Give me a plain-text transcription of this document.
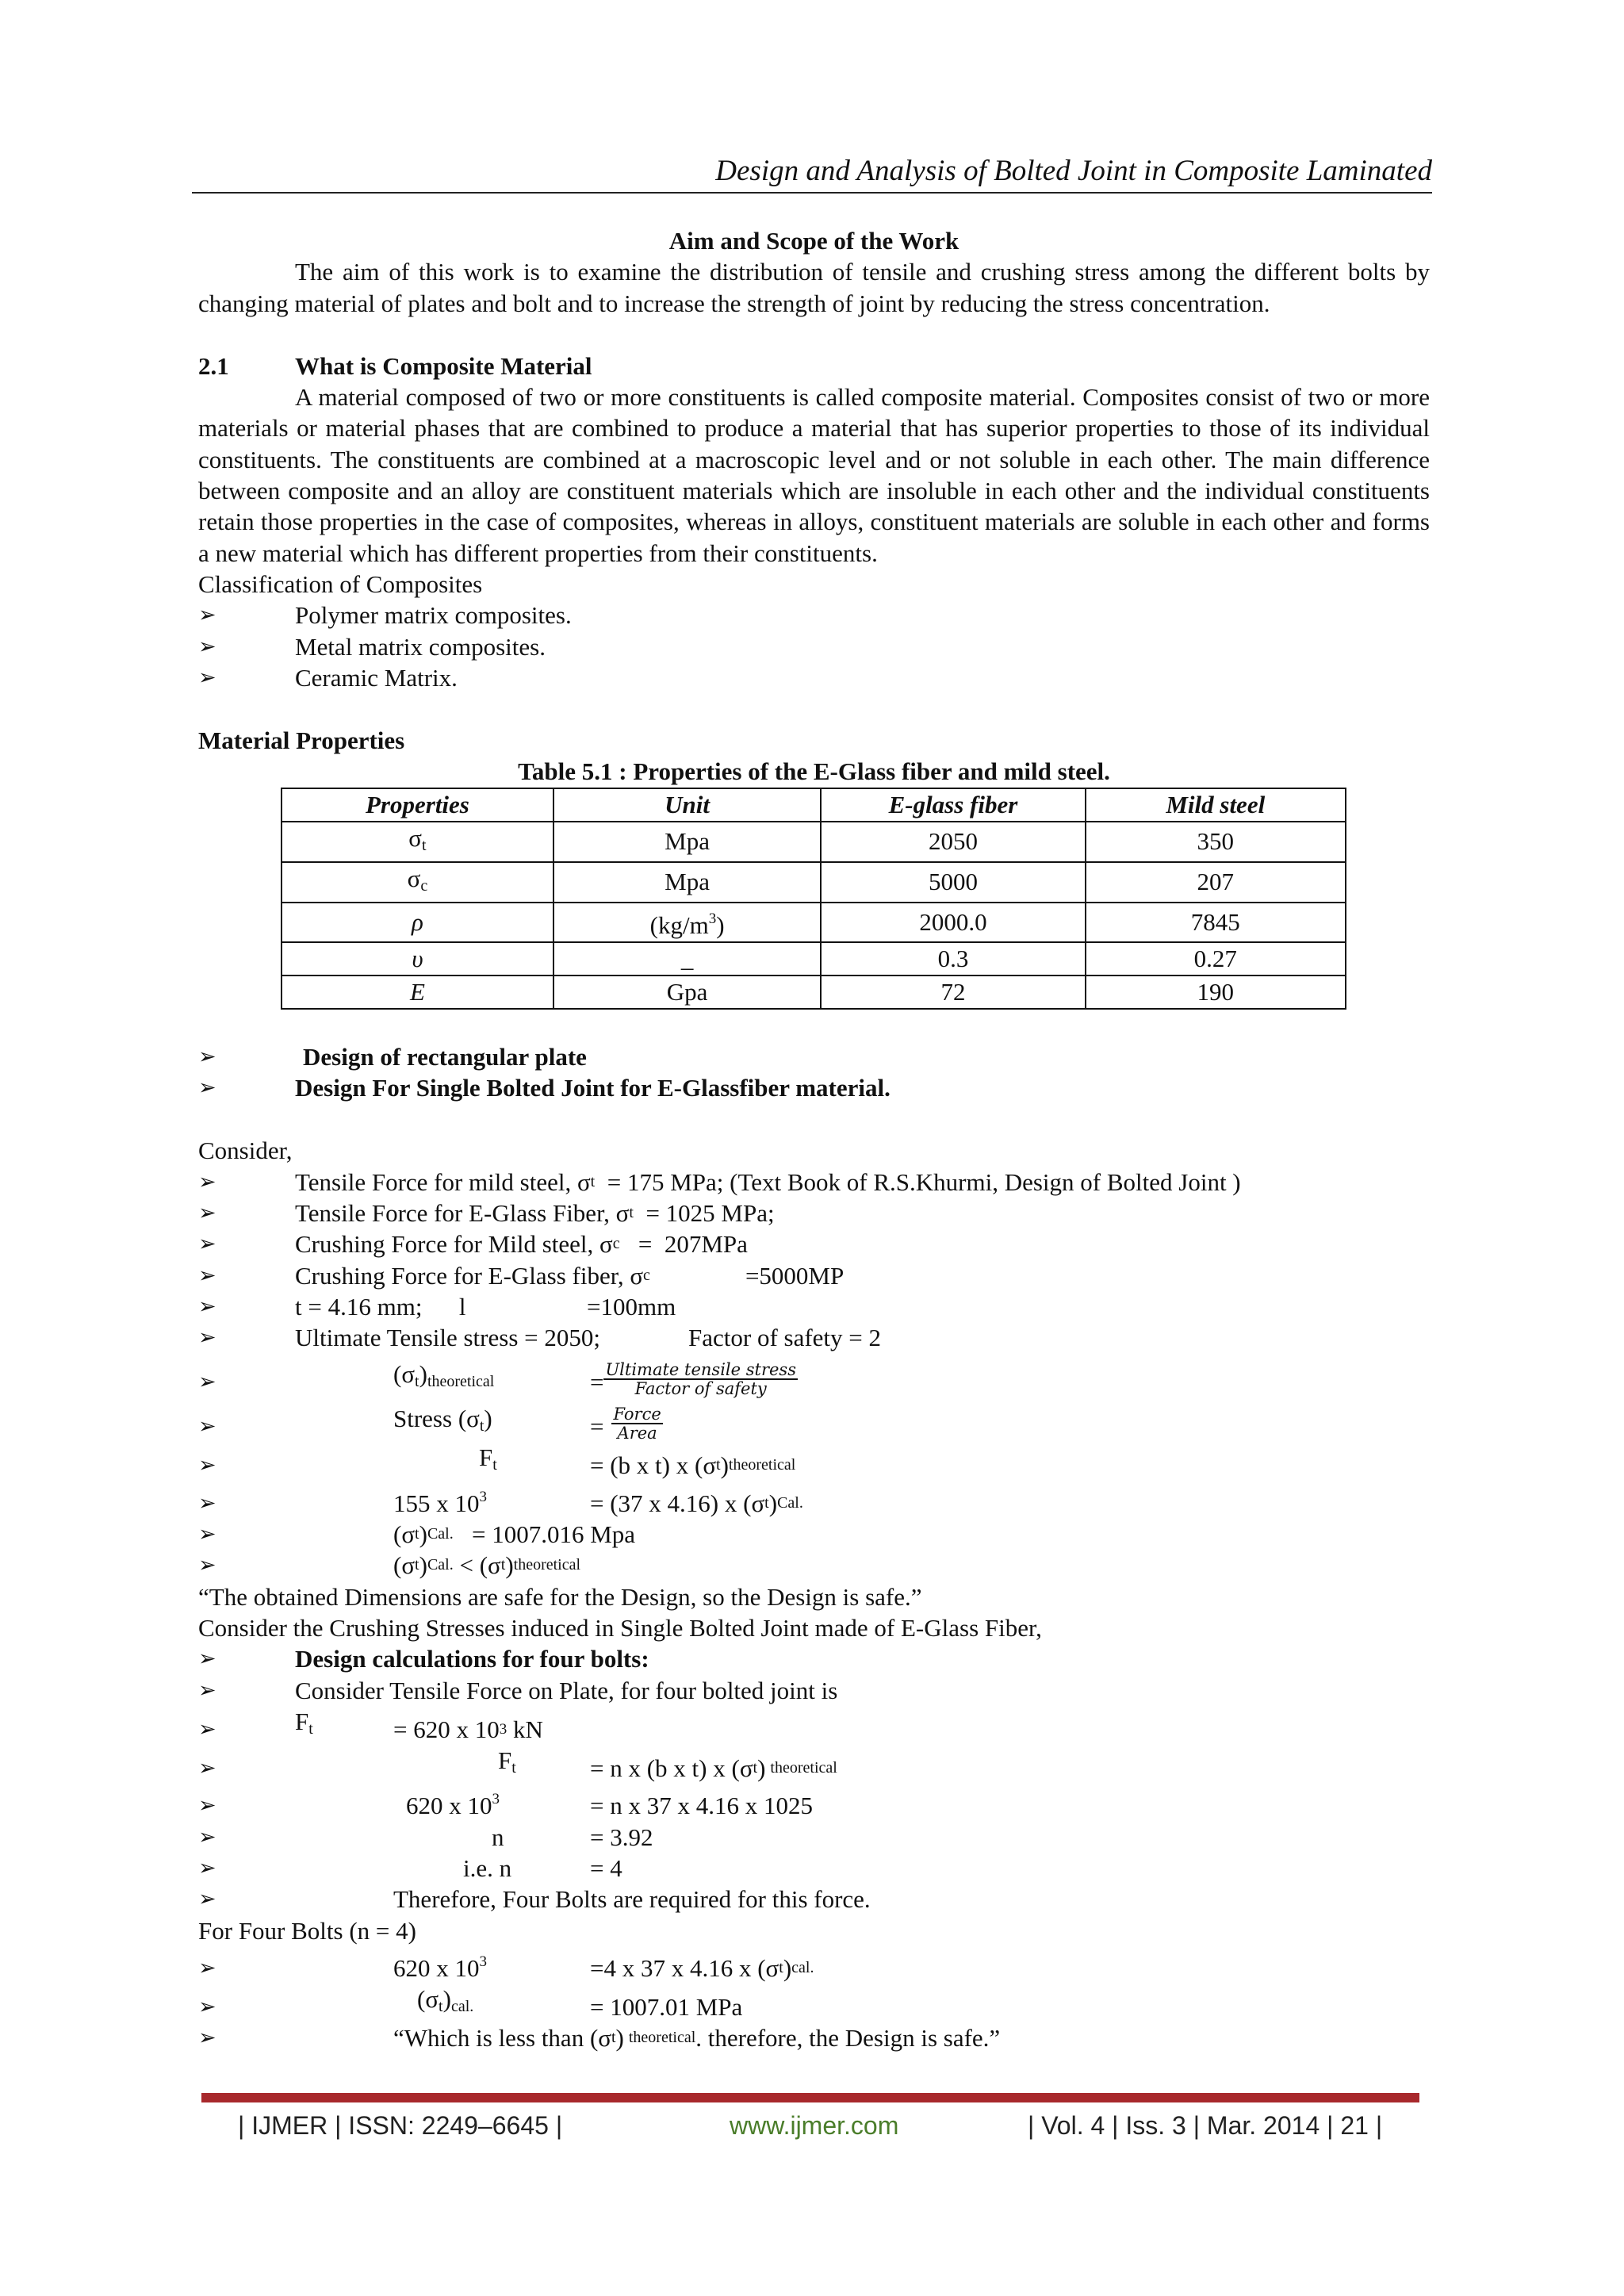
Design and Analysis of Bolted Joint in Composite Laminated

Aim and Scope of the Work

The aim of this work is to examine the distribution of tensile and crushing stress among the different bolts by changing material of plates and bolt and to increase the strength of joint by reducing the stress concentration.

2.1	What is Composite Material

A material composed of two or more constituents is called composite material. Composites consist of two or more materials or material phases that are combined to produce a material that has superior properties to those of its individual constituents. The constituents are combined at a macroscopic level and or not soluble in each other. The main difference between composite and an alloy are constituent materials which are insoluble in each other and the individual constituents retain those properties in the case of composites, whereas in alloys, constituent materials are soluble in each other and forms a new material which has different properties from their constituents.

Classification of Composites

➢	Polymer matrix composites.
➢	Metal matrix composites.
➢	Ceramic Matrix.

Material Properties

Table 5.1 : Properties of the E-Glass fiber and mild steel.

Properties	Unit	E-glass fiber	Mild steel
$\sigma_t$	Mpa	2050	350
$\sigma_c$	Mpa	5000	207
ρ	$(kg/m^3)$	2000.0	7845
υ	_	0.3	0.27
E	Gpa	72	190
➢	Design of rectangular plate
➢	Design For Single Bolted Joint for E-Glassfiber material.

Consider,

➢	Tensile Force for mild steel, σ t = 175 MPa; (Text Book of R.S.Khurmi, Design of Bolted Joint )
➢	Tensile Force for E-Glass Fiber, σ t = 1025 MPa;
➢	Crushing Force for Mild steel, σ c =  207MPa
➢	Crushing Force for E-Glass fiber, σ c	=5000MP
➢	t = 4.16 mm;      l	=100mm
➢	Ultimate Tensile stress = 2050;	Factor of safety = 2
➢	$(\sigma_t)_{theoretical}$	= $\frac{\text{Ultimate tensile stress}}{\text{Factor of safety}}$
➢	Stress $(\sigma_t)$	= $\frac{\text{Force}}{\text{Area}}$
➢	$F_t$	= (b x t) x (σ t ) theoretical
➢	155 x $10^3$	= (37 x 4.16) x (σ t ) Cal.
➢	(σ t ) Cal. = 1007.016 Mpa
➢	(σ t ) Cal. < (σ t ) theoretical

“The obtained Dimensions are safe for the Design, so the Design is safe.”

Consider the Crushing Stresses induced in Single Bolted Joint made of E-Glass Fiber,

➢	Design calculations for four bolts:
➢	Consider Tensile Force on Plate, for four bolted joint is
➢	$F_t$	= 620 x 10 3 kN
➢	$F_t$	= n x (b x t) x (σ t ) theoretical
➢	620 x $10^3$	= n x 37 x 4.16 x 1025
➢	n	= 3.92
➢	i.e. n	= 4
➢	Therefore, Four Bolts are required for this force.

For Four Bolts (n = 4)

➢	620 x $10^3$	=4 x 37 x 4.16 x (σ t ) cal.
➢	$(\sigma_t)_{cal.}$	= 1007.01 MPa
➢	“Which is less than (σ t ) theoretical . therefore, the Design is safe.”
| IJMER | ISSN: 2249–6645 |	www.ijmer.com	| Vol. 4 | Iss. 3 | Mar. 2014 | 21 |
